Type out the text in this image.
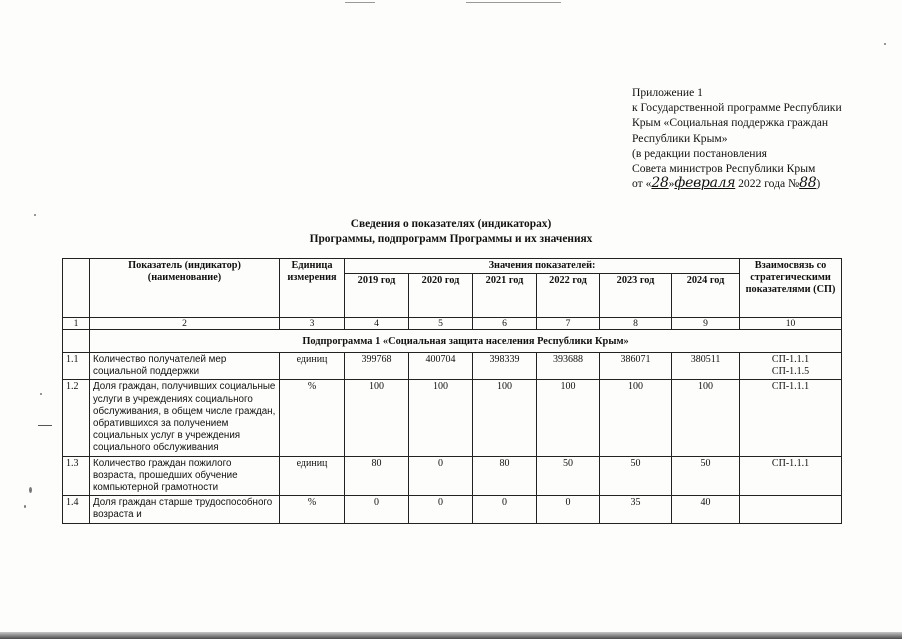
Приложение 1
к Государственной программе Республики
Крым «Социальная поддержка граждан
Республики Крым»
(в редакции постановления
Совета министров Республики Крым
от «28»февраля 2022 года №88)
Сведения о показателях (индикаторах)
Программы, подпрограмм Программы и их значениях
	Показатель (индикатор) (наименование)	Единица измерения	Значения показателей:						Взаимосвязь со стратегическими показателями (СП)
			2019 год	2020 год	2021 год	2022 год	2023 год	2024 год	
1	2	3	4	5	6	7	8	9	10
	Подпрограмма 1 «Социальная защита населения Республики Крым»								
1.1	Количество получателей мер социальной поддержки	единиц	399768	400704	398339	393688	386071	380511	СП-1.1.1
СП-1.1.5

1.2	Доля граждан, получивших социальные услуги в учреждениях социального обслуживания, в общем числе граждан, обратившихся за получением социальных услуг в учреждения социального обслуживания	%	100	100	100	100	100	100	СП-1.1.1

1.3	Количество граждан пожилого возраста, прошедших обучение компьютерной грамотности	единиц	80	0	80	50	50	50	СП-1.1.1

1.4	Доля граждан старше трудоспособного возраста и	%	0	0	0	0	35	40	
